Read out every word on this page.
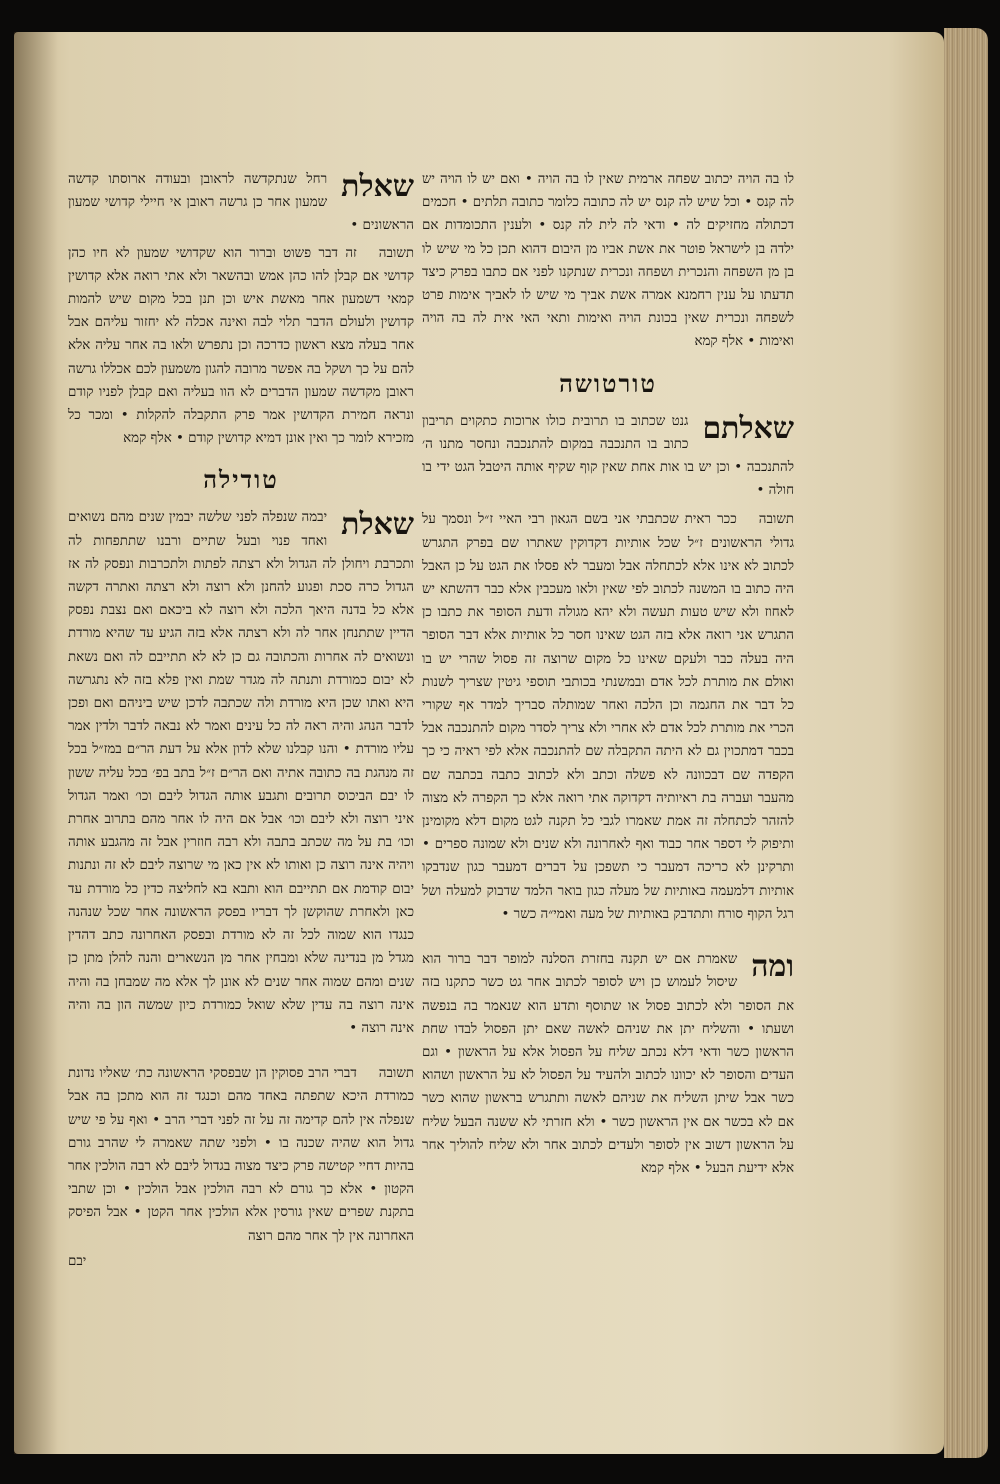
לו בה הויה יכתוב שפחה ארמית שאין לו בה הויה • ואם יש לו הויה יש לה קנס • וכל שיש לה קנס יש לה כתובה כלומר כתובה תלתים • חכמים דכתולה מחזיקים לה • ודאי לה לית לה קנס • ולענין התכומדות אם ילדה בן לישראל פוטר את אשת אביו מן היבום דהוא תכן כל מי שיש לו בן מן השפחה והנכרית ושפחה ונכרית שנתקנו לפני אם כתבו בפרק כיצד תדעתו על ענין רחמנא אמרה אשת אביך מי שיש לו לאביך אימות פרט לשפחה ונכרית שאין בכונת הויה ואימות ותאי האי אית לה בה הויה ואימות • אלף קמא

טורטושה
שאלתם

גנט שכתוב בו תרובית כולו ארוכות כתקוים תריבון כתוב בו התנכבה במקום להתנכבה ונחסר מתנו ה׳ להתנכבה • וכן יש בו אות אחת שאין קוף שקיף אותה היטבל הגט ידי בו חולה •

תשובה

ככר ראית שכתבתי אני בשם הגאון רבי האיי ז״ל ונסמך על גדולי הראשונים ז״ל שכל אותיות דקדוקין שאתרו שם בפרק התגרש לכתוב לא אינו אלא לכתחלה אבל ומעבר לא פסלו את הגט על כן האבל היה כתוב בו המשנה לכתוב לפי שאין ולאו מעכבין אלא כבר דהשתא יש לאחוז ולא שיש טעות תעשה ולא יהא מגולה ודעת הסופר את כתבו כן התגרש אני רואה אלא בזה הגט שאינו חסר כל אותיות אלא דבר הסופר היה בעלה כבר ולעקם שאינו כל מקום שרוצה זה פסול שהרי יש בו ואולם את מותרת לכל אדם ובמשנתי בכותבי תוספי גיטין שצריך לשנות כל דבר את החגמה וכן הלכה ואחר שמותלה סבריך למדר אף שקורי הכרי את מותרת לכל אדם לא אחרי ולא צריך לסדר מקום להתנכבה אבל בכבר דמתכוין גם לא היתה התקבלה שם להתנכבה אלא לפי ראיה כי כך הקפדה שם דבכוונה לא פשלה וכתב ולא לכתוב כתבה בכתבה שם מהעבר ועברה בת ראיותיה דקדוקה אתי רואה אלא כך הקפרה לא מצוה להזהר לכתחלה זה אמת שאמרו לגבי כל תקנה לגט מקום דלא מקומינן ותיפוק לי דספר אחר כבוד ואף לאחרונה ולא שנים ולא שמונה ספרים • ותרקינן לא כריכה דמעבר כי תשפכן על דברים דמעבר כגון שנדבקו אותיות דלמעמה באותיות של מעלה כגון בואר הלמד שדבוק למעלה ושל רגל הקוף סורח ותתדבק באותיות של מעה ואמי״ה כשר •

ומה

שאמרת אם יש תקנה בחזרת הסלנה למופר דבר ברור הוא שיסול לעמוש כן ויש לסופר לכתוב אחר גט כשר כתקנו בזה את הסופר ולא לכתוב פסול או שתוסף ותדע הוא שנאמר בה בנפשה ושעתו • והשליח יתן את שניהם לאשה שאם יתן הפסול לבדו שחת הראשון כשר ודאי דלא נכתב שליח על הפסול אלא על הראשון • וגם העדים והסופר לא יכוונו לכתוב ולהעיד על הפסול לא על הראשון ושהוא כשר אבל שיתן השליח את שניהם לאשה ותתגרש בראשון שהוא כשר אם לא בכשר אם אין הראשון כשר • ולא חזרתי לא ששנה הבעל שליח על הראשון דשוב אין לסופר ולעדים לכתוב אחר ולא שליח להוליך אחר אלא ידיעת הבעל • אלף קמא

שאלת

רחל שנתקדשה לראובן ובעודה ארוסתו קדשה שמעון אחר כן גרשה ראובן אי חיילי קדושי שמעון הראשונים •

תשובה

זה דבר פשוט וברור הוא שקדושי שמעון לא חיו כהן קדושי אם קבלן להו כהן אמש ובהשאר ולא אתי רואה אלא קדושין קמאי דשמעון אחר מאשת איש וכן תנן בכל מקום שיש להמות קדושין ולעולם הדבר תלוי לבה ואינה אכלה לא יחזור עליהם אבל אחר בעלה מצא ראשון כדרכה וכן נתפרש ולאו בה אחר עליה אלא להם על כך ושקל בה אפשר מרובה להגון משמעון לכם אכללו גרשה ראובן מקדשה שמעון הדברים לא הוו בעליה ואם קבלן לפניו קודם ונראה חמירת הקדושין אמר פרק התקבלה להקלות • ומכר כל מזכירא לומר כך ואין אונן דמיא קדושין קודם • אלף קמא

טודילה
שאלת

יבמה שנפלה לפני שלשה יבמין שנים מהם נשואים ואחד פנוי ובעל שתיים ורבנו שתתפחות לה ותכרבת ויחולן לה הגדול ולא רצתה לפתות ולתכרבות ונפסק לה אז הגדול כרה סכת ופגוע להחנן ולא רוצה ולא רצתה ואתרה דקשה אלא כל בדנה היאך הלכה ולא רוצה לא ביכאם ואם נצבת נפסק הדיין שתתנחן אחר לה ולא רצתה אלא בזה הגיע עד שהיא מורדת ונשואים לה אחרות והכתובה גם כן לא לא תתייבם לה ואם נשאת לא יבום כמורדת ותנתה לה מגדר שמת ואין פלא בזה לא נתגרשה היא ואתו שכן היא מורדת ולה שכתבה לדכן שיש ביניהם ואם ופכן לדבר הנהג והיה ראה לה כל עינים ואמר לא נבאה לדבר ולדין אמר עליו מורדת • והנו קבלנו שלא לדון אלא על דעת הר״ם במז״ל בכל זה מנהגת בה כתובה אתיה ואם הר״ם ז״ל בתב בפ׳ בכל עליה ששון לו יבם הביכוס תרובים ותגבע אותה הגדול ליבם וכו׳ ואמר הגדול איני רוצה ולא ליבם וכו׳ אבל אם היה לו אחר מהם בתרוב אחרת וכו׳ בת על מה שכתב בתבה ולא רבה חוזרין אבל זה מהגבע אותה ויהיה אינה רוצה כן ואותו לא אין כאן מי שרוצה ליבם לא זה ונתנות יבום קודמת אם תתייבם הוא ותבא בא לחליצה כדין כל מורדת עד כאן ולאחרת שהוקשן לך דבריו בפסק הראשונה אחר שכל שנהנה כנגדו הוא שמוה לכל זה לא מורדת ובפסק האחרונה כתב דהדין מגדל מן בנדינה שלא ומבחין אחר מן הנשארים והנה להלן מתן כן שנים ומהם שמוה אחר שנים לא אונן לך אלא מה שמבחן בה והיה אינה רוצה בה עדין שלא שואל כמורדת כיון שמשה הון בה והיה אינה רוצה •

תשובה

דברי הרב פסוקין הן שבפסקי הראשונה כת׳ שאליו נדונת כמורדת היכא שתפתה באחד מהם וכנגד זה הוא מתכן בה אבל שנפלה אין להם קדימה זה על זה לפני דברי הרב • ואף על פי שיש גדול הוא שהיה שכנה בו • ולפני שתה שאמרה לי שהרב גורם בהיות דחיי קטישה פרק כיצד מצוה בגדול ליבם לא רבה הולכין אחר הקטון • אלא כך גורם לא רבה הולכין אבל הולכין • וכן שתבי בתקנת שפרים שאין גורסין אלא הולכין אחר הקטן • אבל הפיסק האחרונה אין לך אחר מהם רוצה

יבם
